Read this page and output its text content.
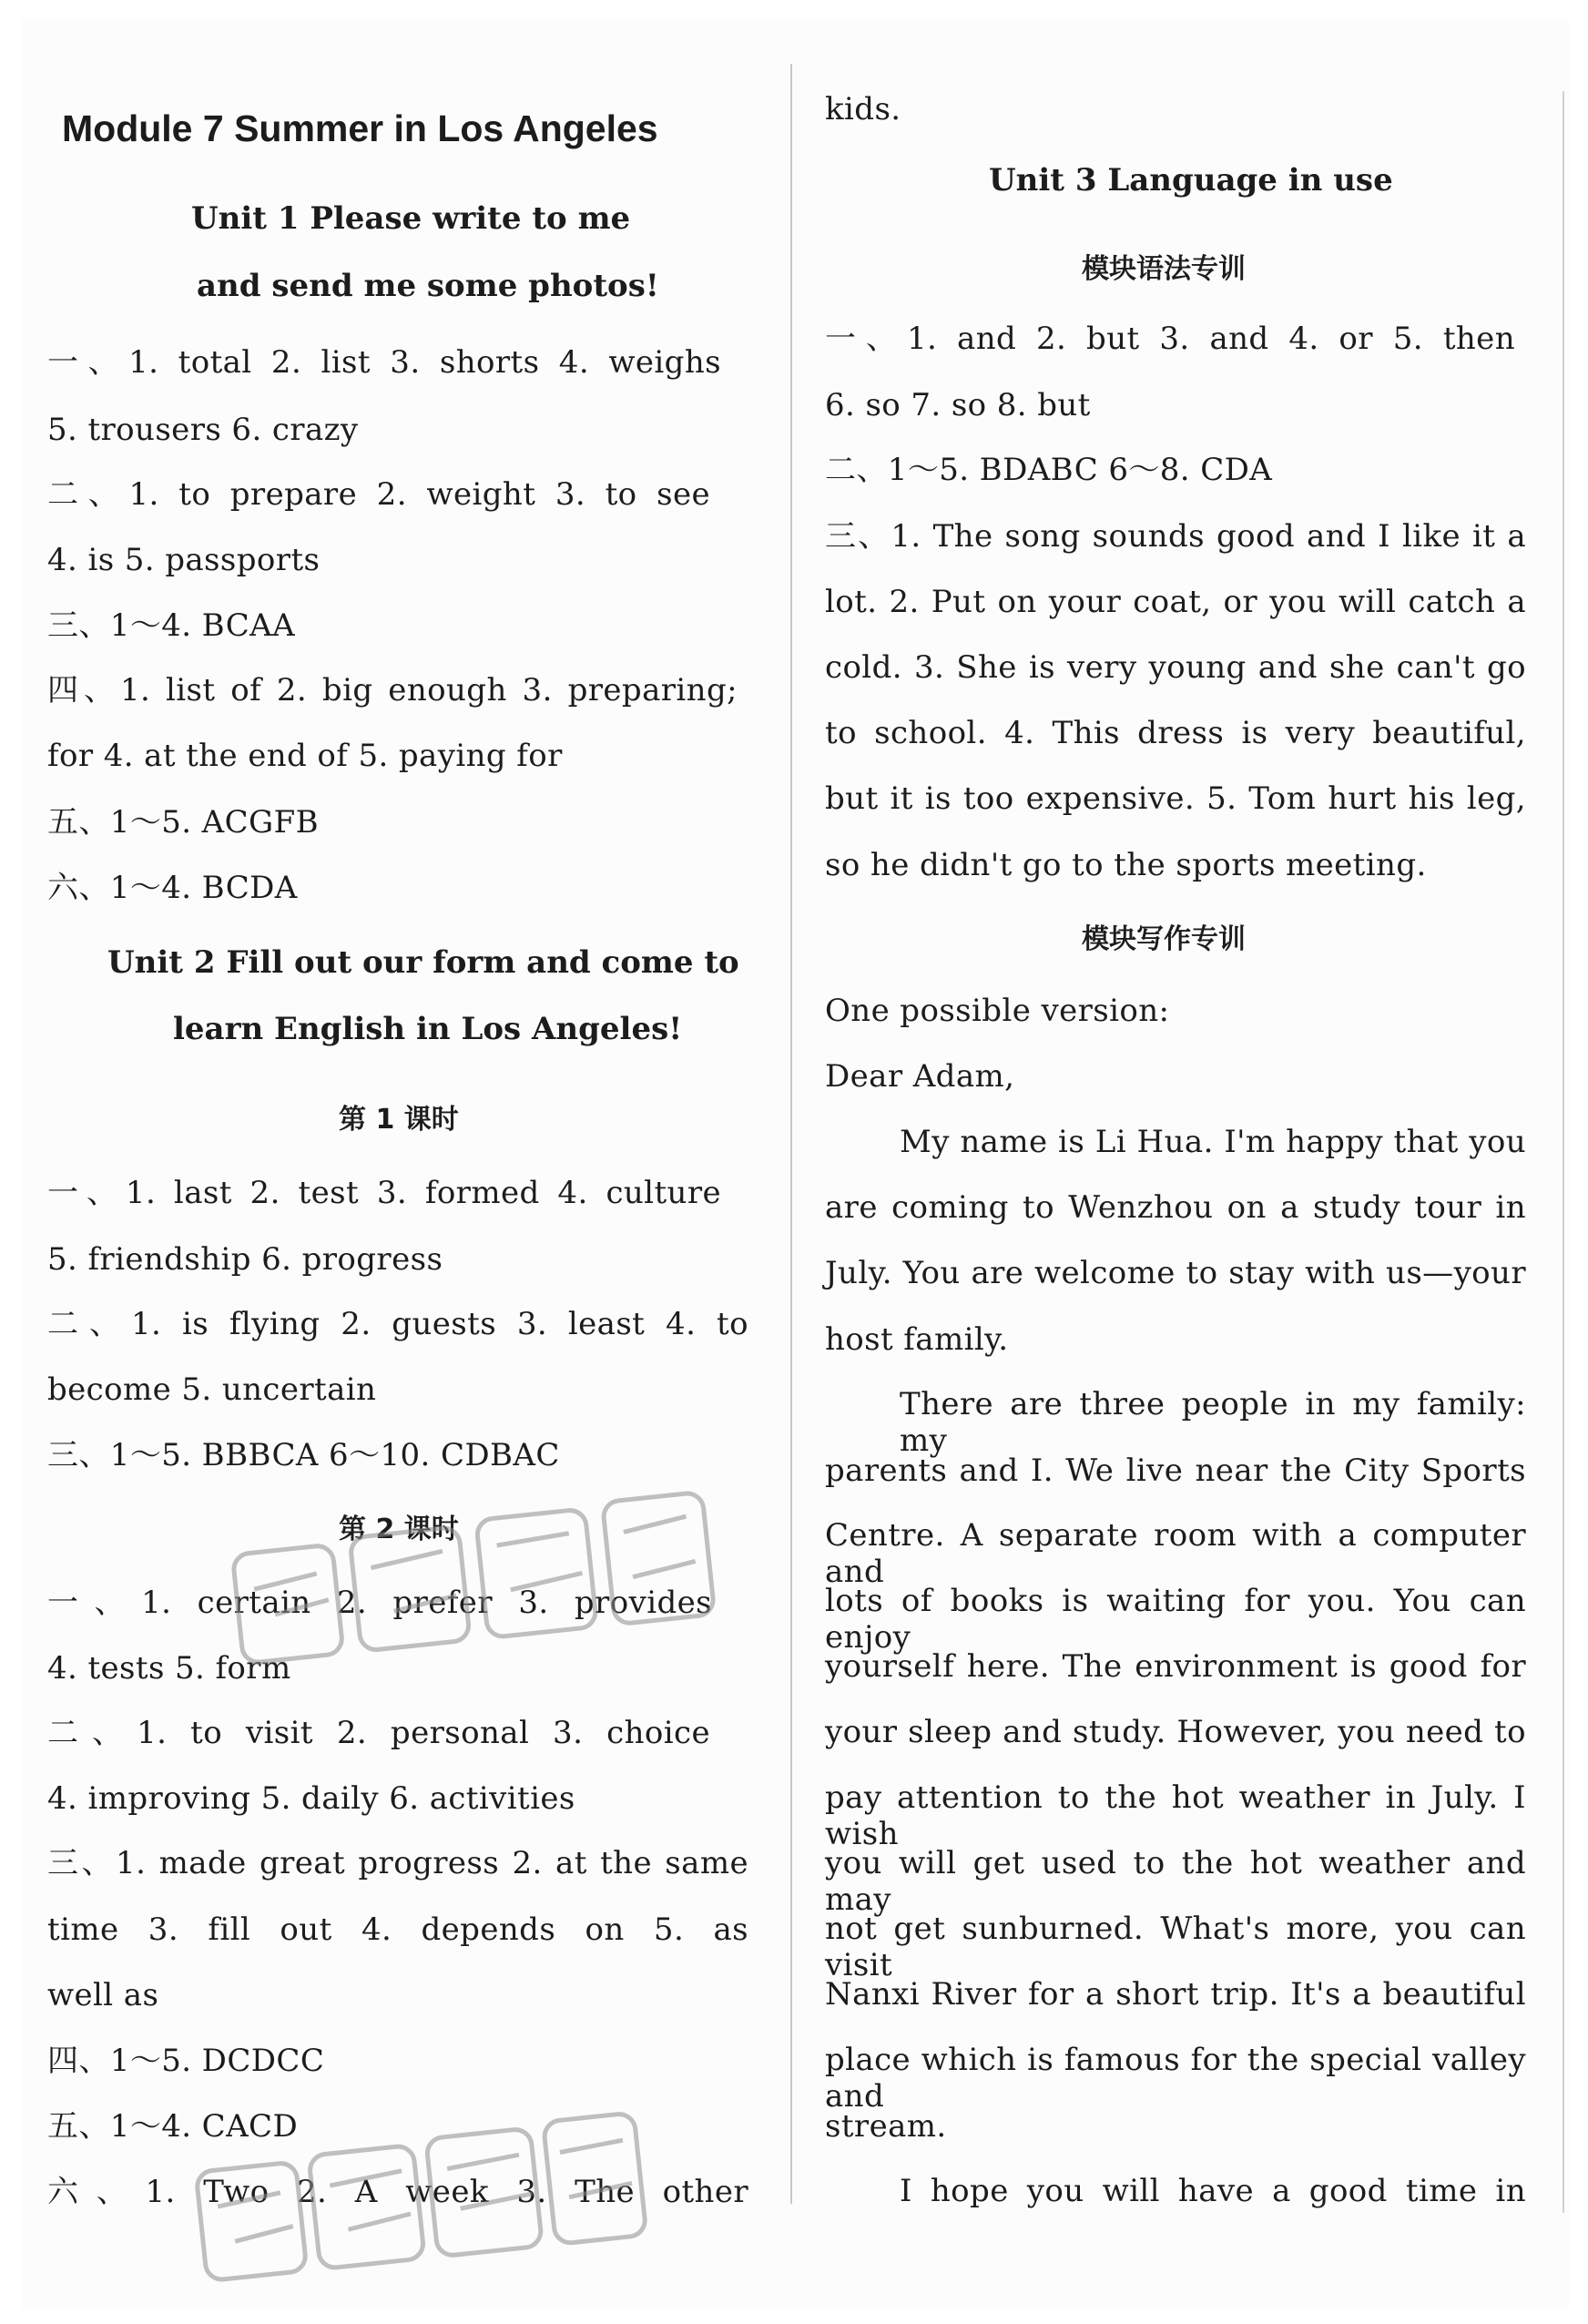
Module 7 Summer in Los Angeles
Unit 1 Please write to me
and send me some photos!
一、1. total 2. list 3. shorts 4. weighs
5. trousers 6. crazy
二、1. to prepare 2. weight 3. to see
4. is 5. passports
三、1～4. BCAA
四、1. list of 2. big enough 3. preparing;
for 4. at the end of 5. paying for
五、1～5. ACGFB
六、1～4. BCDA
Unit 2 Fill out our form and come to
learn English in Los Angeles!
第 1 课时
一、1. last 2. test 3. formed 4. culture
5. friendship 6. progress
二、1. is flying 2. guests 3. least 4. to
become 5. uncertain
三、1～5. BBBCA 6～10. CDBAC
第 2 课时
一、1. certain 2. prefer 3. provides
4. tests 5. form
二、1. to visit 2. personal 3. choice
4. improving 5. daily 6. activities
三、1. made great progress 2. at the same
time 3. fill out 4. depends on 5. as
well as
四、1～5. DCDCC
五、1～4. CACD
六、1. Two 2. A week 3. The other
kids.
Unit 3 Language in use
模块语法专训
一、1. and 2. but 3. and 4. or 5. then
6. so 7. so 8. but
二、1～5. BDABC 6～8. CDA
三、1. The song sounds good and I like it a
lot. 2. Put on your coat, or you will catch a
cold. 3. She is very young and she can't go
to school. 4. This dress is very beautiful,
but it is too expensive. 5. Tom hurt his leg,
so he didn't go to the sports meeting.
模块写作专训
One possible version:
Dear Adam,
My name is Li Hua. I'm happy that you
are coming to Wenzhou on a study tour in
July. You are welcome to stay with us—your
host family.
There are three people in my family: my
parents and I. We live near the City Sports
Centre. A separate room with a computer and
lots of books is waiting for you. You can enjoy
yourself here. The environment is good for
your sleep and study. However, you need to
pay attention to the hot weather in July. I wish
you will get used to the hot weather and may
not get sunburned. What's more, you can visit
Nanxi River for a short trip. It's a beautiful
place which is famous for the special valley and
stream.
I hope you will have a good time in
